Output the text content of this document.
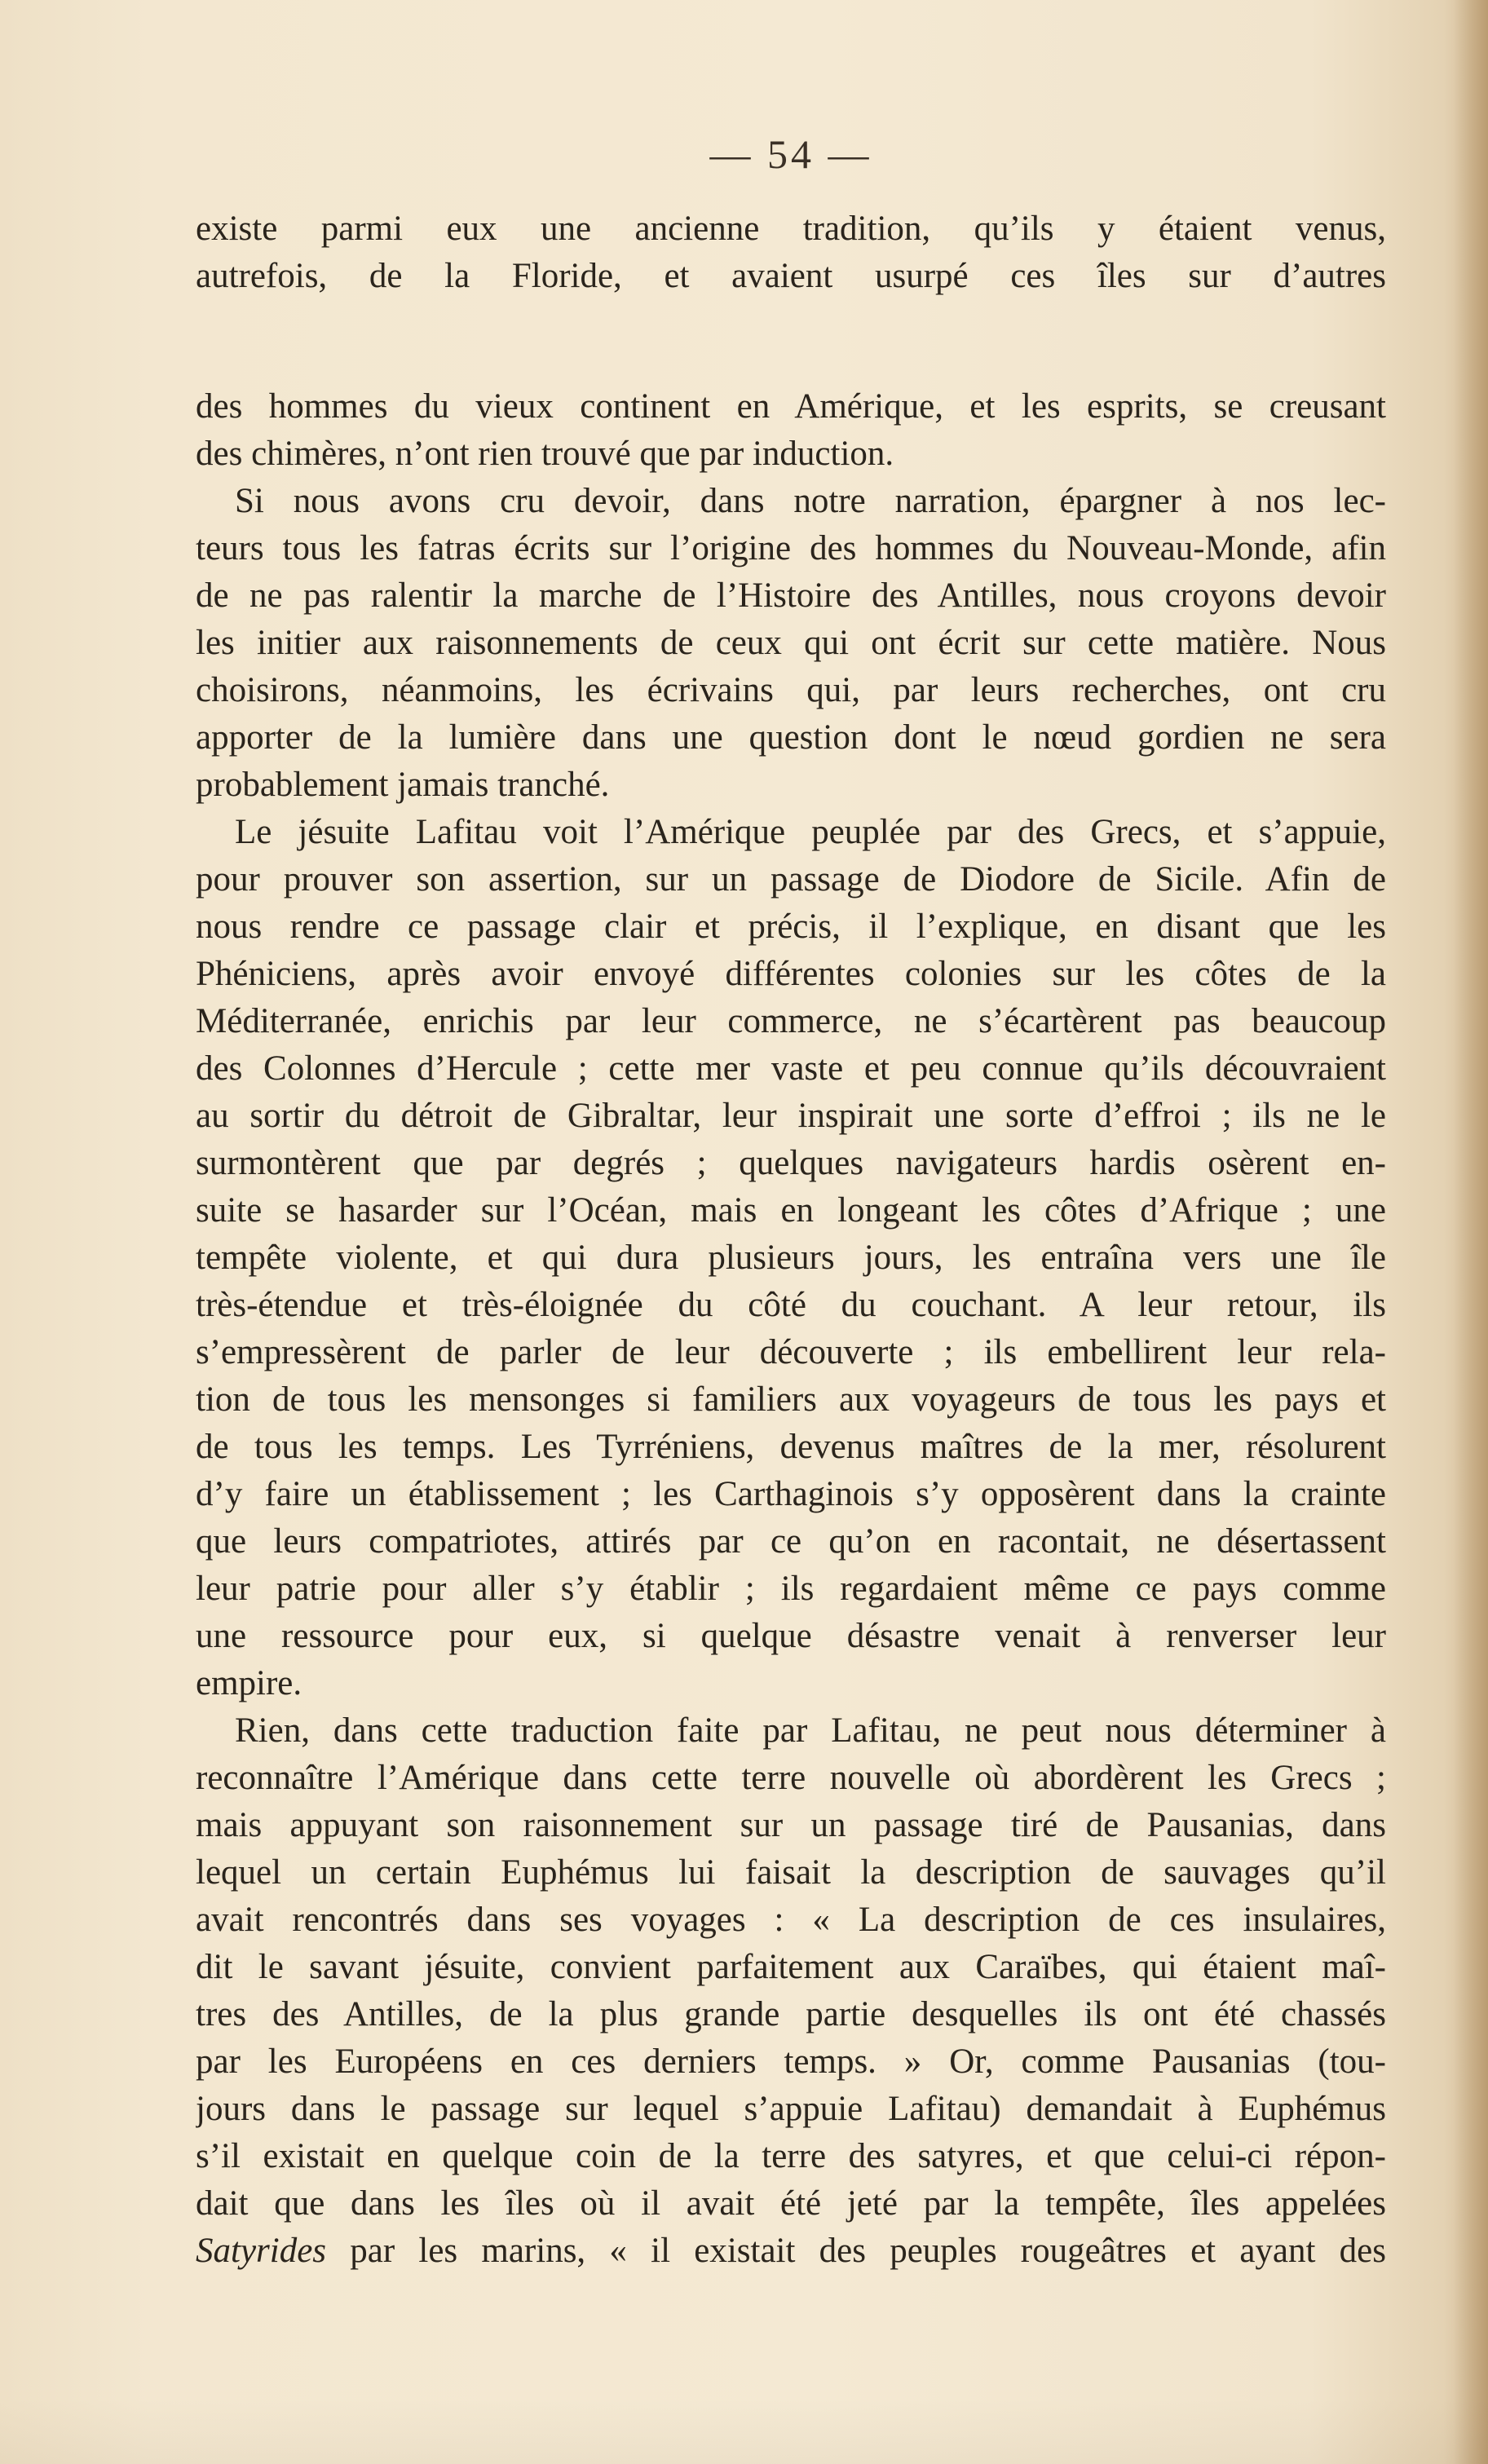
— 54 —
existe parmi eux une ancienne tradition, qu’ils y étaient venus,
autrefois, de la Floride, et avaient usurpé ces îles sur d’autres
des hommes du vieux continent en Amérique, et les esprits, se creusant
des chimères, n’ont rien trouvé que par induction.
Si nous avons cru devoir, dans notre narration, épargner à nos lec-
teurs tous les fatras écrits sur l’origine des hommes du Nouveau-Monde, afin
de ne pas ralentir la marche de l’Histoire des Antilles, nous croyons devoir
les initier aux raisonnements de ceux qui ont écrit sur cette matière. Nous
choisirons, néanmoins, les écrivains qui, par leurs recherches, ont cru
apporter de la lumière dans une question dont le nœud gordien ne sera
probablement jamais tranché.
Le jésuite Lafitau voit l’Amérique peuplée par des Grecs, et s’appuie,
pour prouver son assertion, sur un passage de Diodore de Sicile. Afin de
nous rendre ce passage clair et précis, il l’explique, en disant que les
Phéniciens, après avoir envoyé différentes colonies sur les côtes de la
Méditerranée, enrichis par leur commerce, ne s’écartèrent pas beaucoup
des Colonnes d’Hercule ; cette mer vaste et peu connue qu’ils découvraient
au sortir du détroit de Gibraltar, leur inspirait une sorte d’effroi ; ils ne le
surmontèrent que par degrés ; quelques navigateurs hardis osèrent en-
suite se hasarder sur l’Océan, mais en longeant les côtes d’Afrique ; une
tempête violente, et qui dura plusieurs jours, les entraîna vers une île
très-étendue et très-éloignée du côté du couchant. A leur retour, ils
s’empressèrent de parler de leur découverte ; ils embellirent leur rela-
tion de tous les mensonges si familiers aux voyageurs de tous les pays et
de tous les temps. Les Tyrréniens, devenus maîtres de la mer, résolurent
d’y faire un établissement ; les Carthaginois s’y opposèrent dans la crainte
que leurs compatriotes, attirés par ce qu’on en racontait, ne désertassent
leur patrie pour aller s’y établir ; ils regardaient même ce pays comme
une ressource pour eux, si quelque désastre venait à renverser leur
empire.
Rien, dans cette traduction faite par Lafitau, ne peut nous déterminer à
reconnaître l’Amérique dans cette terre nouvelle où abordèrent les Grecs ;
mais appuyant son raisonnement sur un passage tiré de Pausanias, dans
lequel un certain Euphémus lui faisait la description de sauvages qu’il
avait rencontrés dans ses voyages : « La description de ces insulaires,
dit le savant jésuite, convient parfaitement aux Caraïbes, qui étaient maî-
tres des Antilles, de la plus grande partie desquelles ils ont été chassés
par les Européens en ces derniers temps. » Or, comme Pausanias (tou-
jours dans le passage sur lequel s’appuie Lafitau) demandait à Euphémus
s’il existait en quelque coin de la terre des satyres, et que celui-ci répon-
dait que dans les îles où il avait été jeté par la tempête, îles appelées
Satyrides par les marins, « il existait des peuples rougeâtres et ayant des
